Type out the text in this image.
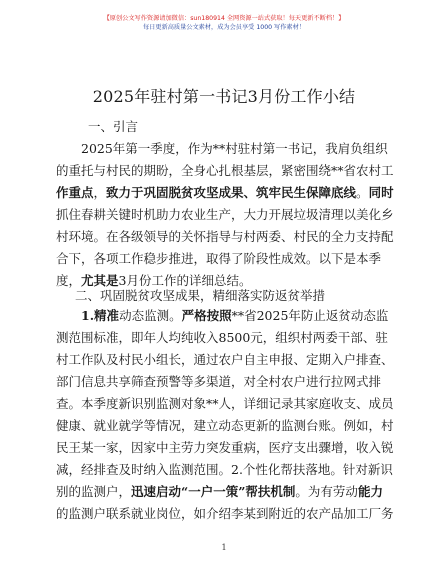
【原创公文写作资源请加微信：sun180914 全网资源一站式获取！每天更新不断档！】
每日更新高质量公文素材，成为会员享受 1000 写作素材！
2025年驻村第一书记3月份工作小结
一、引言
2025年第一季度，作为**村驻村第一书记，我肩负组织
的重托与村民的期盼，全身心扎根基层，紧密围绕**省农村工
作重点，致力于巩固脱贫攻坚成果、筑牢民生保障底线。同时
抓住春耕关键时机助力农业生产，大力开展垃圾清理以美化乡
村环境。在各级领导的关怀指导与村两委、村民的全力支持配
合下，各项工作稳步推进，取得了阶段性成效。以下是本季
度，尤其是3月份工作的详细总结。
二、巩固脱贫攻坚成果，精细落实防返贫举措
1.精准动态监测。严格按照**省2025年防止返贫动态监
测范围标准，即年人均纯收入8500元，组织村两委干部、驻
村工作队及村民小组长，通过农户自主申报、定期入户排查、
部门信息共享筛查预警等多渠道，对全村农户进行拉网式排
查。本季度新识别监测对象**人，详细记录其家庭收支、成员
健康、就业就学等情况，建立动态更新的监测台账。例如，村
民王某一家，因家中主劳力突发重病，医疗支出骤增，收入锐
减，经排查及时纳入监测范围。2.个性化帮扶落地。针对新识
别的监测户，迅速启动“一户一策”帮扶机制。为有劳动能力
的监测户联系就业岗位，如介绍李某到附近的农产品加工厂务
1
